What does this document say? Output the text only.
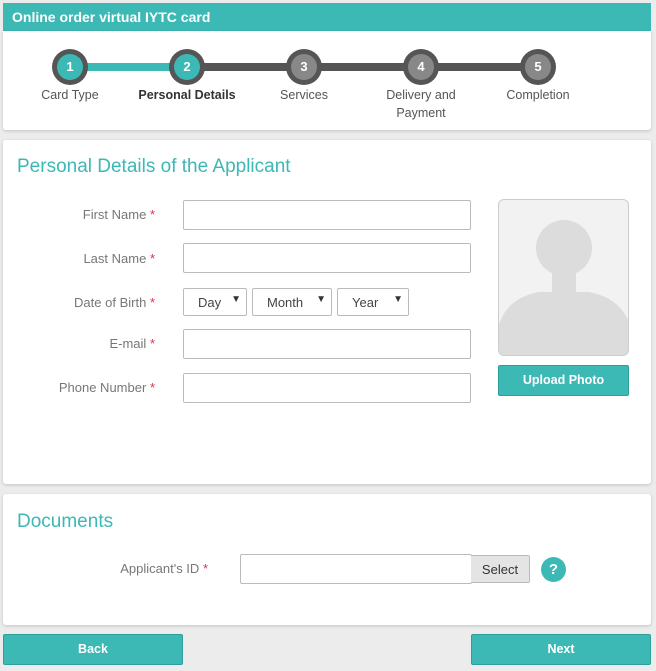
Online order virtual IYTC card
1	2	3	4	5
Card Type	Personal Details	Services	Delivery and Payment
Completion
Personal Details of the Applicant
First Name *
Last Name *
Date of Birth *	Day ▼	Month ▼	Year ▼
E-mail *
Phone Number *	Upload Photo
Documents
Applicant's ID *	Select	?
Back	Next
